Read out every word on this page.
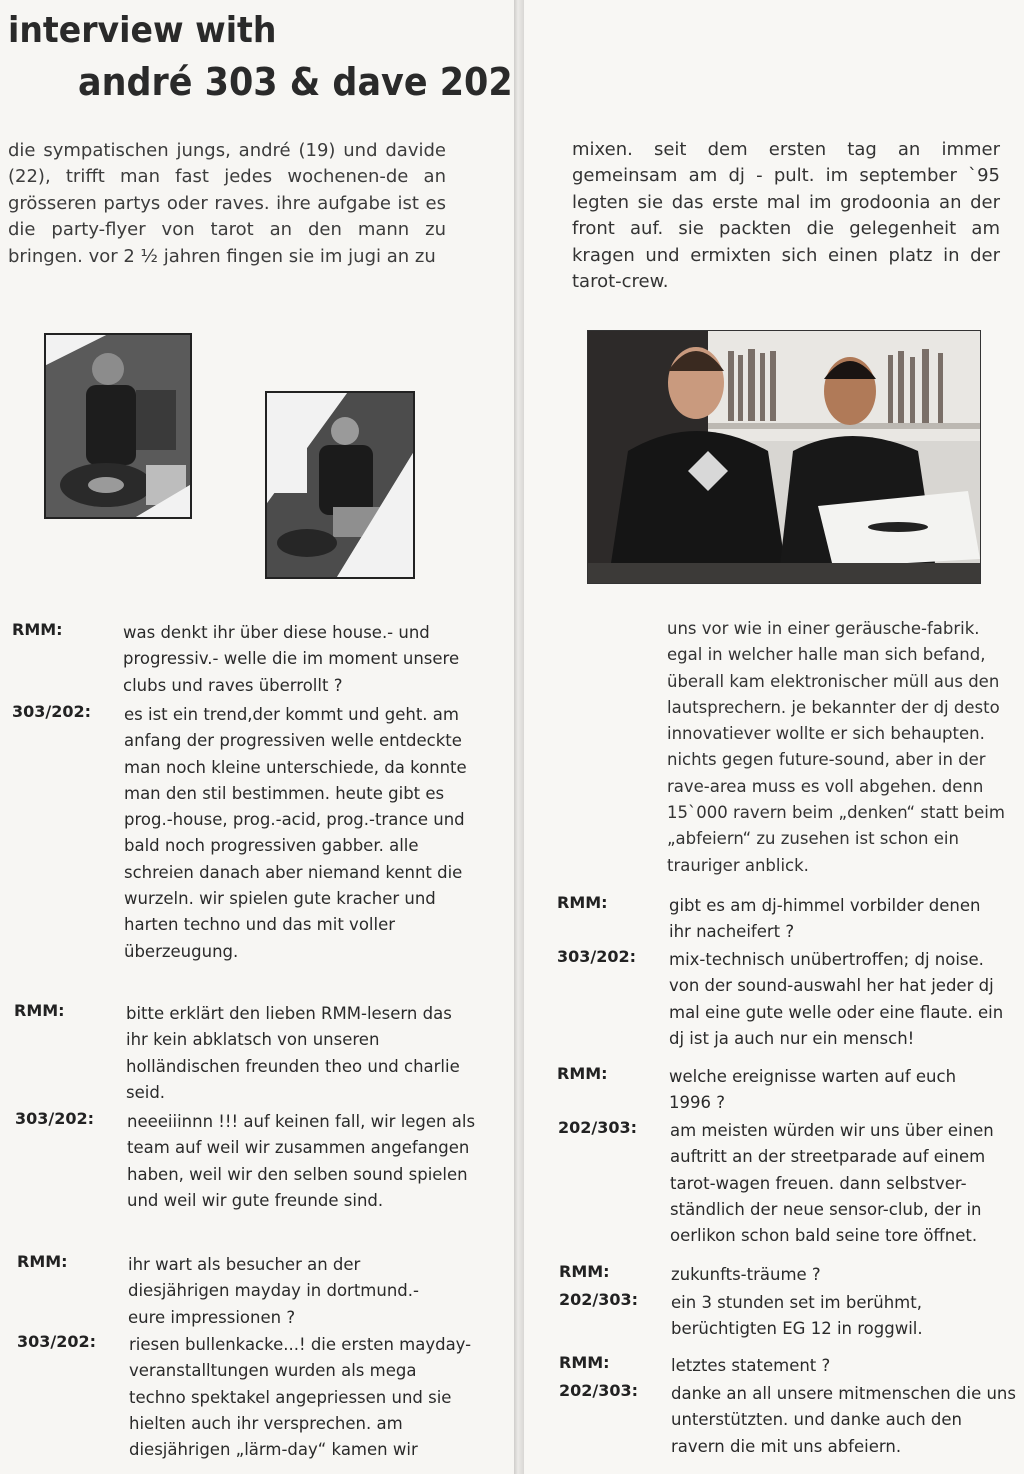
interview with
andré 303 & dave 202

die sympatischen jungs, andré (19) und davide (22), trifft man fast jedes wochenen-de an grösseren partys oder raves. ihre aufgabe ist es die party-flyer von tarot an den mann zu bringen. vor 2 ½ jahren fingen sie im jugi an zu

RMM:	was denkt ihr über diese house.- und progressiv.- welle die im moment unsere clubs und raves überrollt ?

303/202: es ist ein trend,der kommt und geht. am anfang der progressiven welle entdeckte man noch kleine unterschiede, da konnte man den stil bestimmen. heute gibt es prog.-house, prog.-acid, prog.-trance und bald noch progressiven gabber. alle schreien danach aber niemand kennt die wurzeln. wir spielen gute kracher und harten techno und das mit voller überzeugung.

RMM:	bitte erklärt den lieben RMM-lesern das ihr kein abklatsch von unseren holländischen freunden theo und charlie seid.

303/202: neeeiiinnn !!! auf keinen fall, wir legen als team auf weil wir zusammen angefangen haben, weil wir den selben sound spielen und weil wir gute freunde sind.

RMM:	ihr wart als besucher an der diesjährigen mayday in dortmund.- eure impressionen ?

303/202: riesen bullenkacke...! die ersten mayday-veranstalltungen wurden als mega techno spektakel angepriessen und sie hielten auch ihr versprechen. am diesjährigen „lärm-day“ kamen wir

mixen. seit dem ersten tag an immer gemeinsam am dj - pult. im september `95 legten sie das erste mal im grodoonia an der front auf. sie packten die gelegenheit am kragen und ermixten sich einen platz in der tarot-crew.

uns vor wie in einer geräusche-fabrik. egal in welcher halle man sich befand, überall kam elektronischer müll aus den lautsprechern. je bekannter der dj desto innovatiever wollte er sich behaupten. nichts gegen future-sound, aber in der rave-area muss es voll abgehen. denn 15`000 ravern beim „denken“ statt beim „abfeiern“ zu zusehen ist schon ein trauriger anblick.

RMM:	gibt es am dj-himmel vorbilder denen ihr nacheifert ?

303/202: mix-technisch unübertroffen; dj noise. von der sound-auswahl her hat jeder dj mal eine gute welle oder eine flaute. ein dj ist ja auch nur ein mensch!

RMM:	welche ereignisse warten auf euch 1996 ?

202/303: am meisten würden wir uns über einen auftritt an der streetparade auf einem tarot-wagen freuen. dann selbstver-ständlich der neue sensor-club, der in oerlikon schon bald seine tore öffnet.

RMM:	zukunfts-träume ?

202/303: ein 3 stunden set im berühmt, berüchtigten EG 12 in roggwil.

RMM:	letztes statement ?

202/303: danke an all unsere mitmenschen die uns unterstützten. und danke auch den ravern die mit uns abfeiern.
